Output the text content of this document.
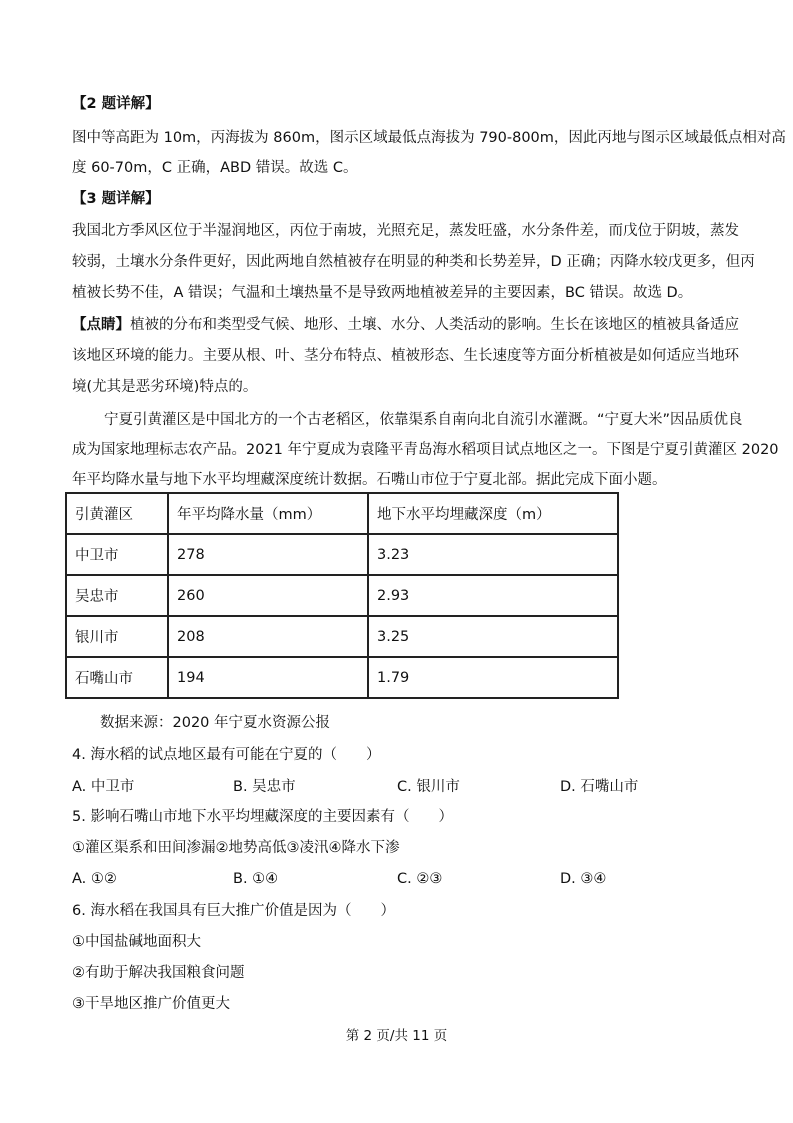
【2 题详解】
图中等高距为 10m，丙海拔为 860m，图示区域最低点海拔为 790-800m，因此丙地与图示区域最低点相对高
度 60-70m，C 正确，ABD 错误。故选 C。
【3 题详解】
我国北方季风区位于半湿润地区，丙位于南坡，光照充足，蒸发旺盛，水分条件差，而戊位于阴坡，蒸发
较弱，土壤水分条件更好，因此两地自然植被存在明显的种类和长势差异，D 正确；丙降水较戊更多，但丙
植被长势不佳，A 错误；气温和土壤热量不是导致两地植被差异的主要因素，BC 错误。故选 D。
【点睛】植被的分布和类型受气候、地形、土壤、水分、人类活动的影响。生长在该地区的植被具备适应
该地区环境的能力。主要从根、叶、茎分布特点、植被形态、生长速度等方面分析植被是如何适应当地环
境(尤其是恶劣环境)特点的。
宁夏引黄灌区是中国北方的一个古老稻区，依靠渠系自南向北自流引水灌溉。“宁夏大米”因品质优良
成为国家地理标志农产品。2021 年宁夏成为袁隆平青岛海水稻项目试点地区之一。下图是宁夏引黄灌区 2020
年平均降水量与地下水平均埋藏深度统计数据。石嘴山市位于宁夏北部。据此完成下面小题。
引黄灌区	年平均降水量（mm）	地下水平均埋藏深度（m）
中卫市	278	3.23
吴忠市	260	2.93
银川市	208	3.25
石嘴山市	194	1.79
数据来源：2020 年宁夏水资源公报
4. 海水稻的试点地区最有可能在宁夏的（　　）
A. 中卫市	B. 吴忠市	C. 银川市	D. 石嘴山市
5. 影响石嘴山市地下水平均埋藏深度的主要因素有（　　）
①灌区渠系和田间渗漏②地势高低③凌汛④降水下渗
A. ①②	B. ①④	C. ②③	D. ③④
6. 海水稻在我国具有巨大推广价值是因为（　　）
①中国盐碱地面积大
②有助于解决我国粮食问题
③干旱地区推广价值更大
第 2 页/共 11 页
